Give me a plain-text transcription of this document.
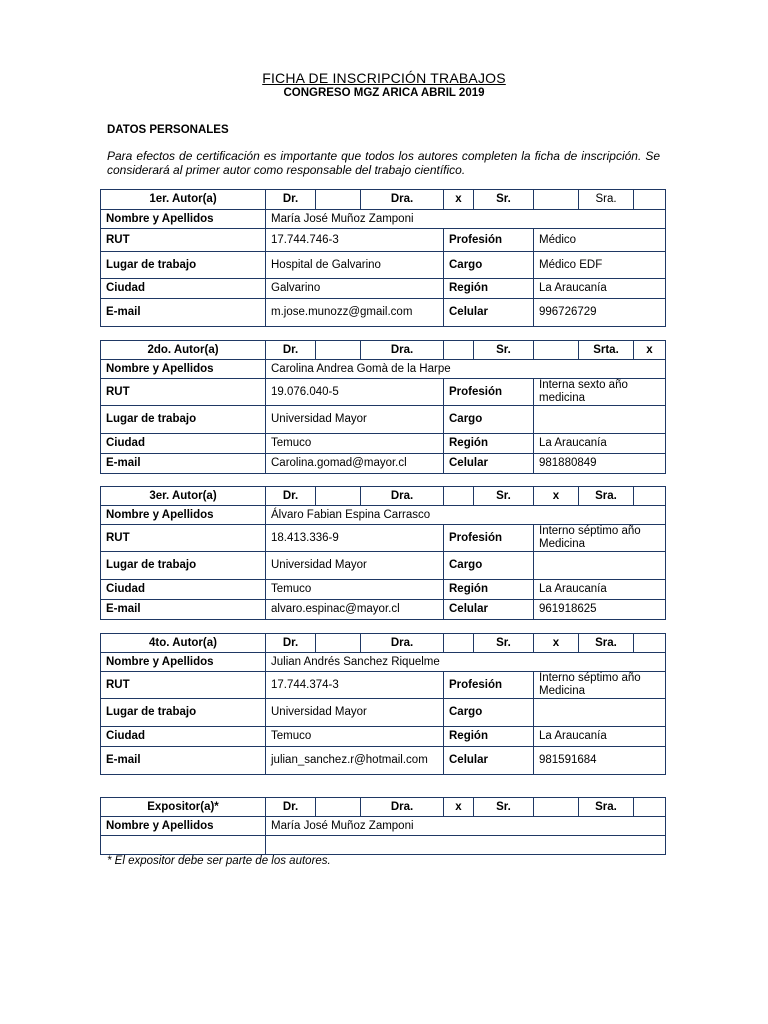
FICHA DE INSCRIPCIÓN TRABAJOS
CONGRESO MGZ ARICA ABRIL 2019
DATOS PERSONALES
Para efectos de certificación es importante que todos los autores completen la ficha de inscripción. Se considerará al primer autor como responsable del trabajo científico.
1er. Autor(a)	Dr.		Dra.	x	Sr.		Sra.	
Nombre y Apellidos	María José Muñoz Zamponi							
RUT	17.744.746-3			Profesión		Médico		
Lugar de trabajo	Hospital de Galvarino			Cargo		Médico EDF		
Ciudad	Galvarino			Región		La Araucanía		
E-mail	m.jose.munozz@gmail.com			Celular		996726729		
2do. Autor(a)	Dr.		Dra.		Sr.		Srta.	x
Nombre y Apellidos	Carolina Andrea Gomà de la Harpe							
RUT	19.076.040-5			Profesión		Interna sexto año medicina		
Lugar de trabajo	Universidad Mayor			Cargo				
Ciudad	Temuco			Región		La Araucanía		
E-mail	Carolina.gomad@mayor.cl			Celular		981880849		
3er. Autor(a)	Dr.		Dra.		Sr.	x	Sra.	
Nombre y Apellidos	Álvaro Fabian Espina Carrasco							
RUT	18.413.336-9			Profesión		Interno séptimo año Medicina		
Lugar de trabajo	Universidad Mayor			Cargo				
Ciudad	Temuco			Región		La Araucanía		
E-mail	alvaro.espinac@mayor.cl			Celular		961918625		
4to. Autor(a)	Dr.		Dra.		Sr.	x	Sra.	
Nombre y Apellidos	Julian Andrés Sanchez Riquelme							
RUT	17.744.374-3			Profesión		Interno séptimo año Medicina		
Lugar de trabajo	Universidad Mayor			Cargo				
Ciudad	Temuco			Región		La Araucanía		
E-mail	julian_sanchez.r@hotmail.com			Celular		981591684		
Expositor(a)*	Dr.		Dra.	x	Sr.		Sra.	
Nombre y Apellidos	María José Muñoz Zamponi							

* El expositor debe ser parte de los autores.
